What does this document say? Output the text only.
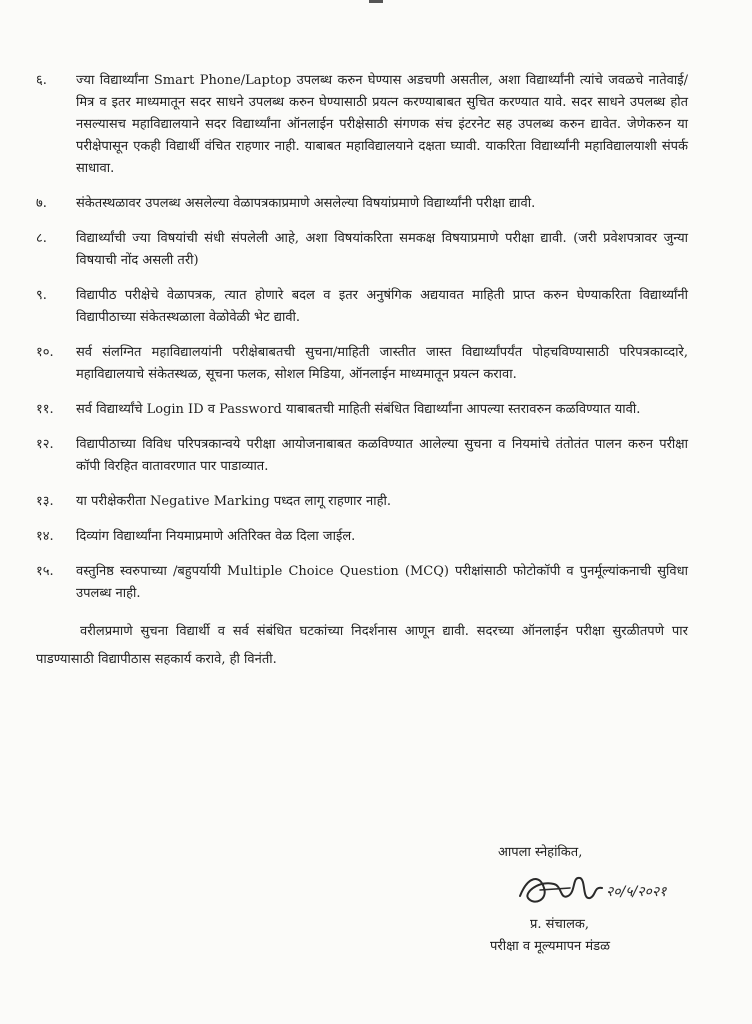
६.	ज्या विद्यार्थ्यांना Smart Phone/Laptop उपलब्ध करुन घेण्यास अडचणी असतील, अशा विद्यार्थ्यांनी त्यांचे जवळचे नातेवाई/मित्र व इतर माध्यमातून सदर साधने उपलब्ध करुन घेण्यासाठी प्रयत्न करण्याबाबत सुचित करण्यात यावे. सदर साधने उपलब्ध होत नसल्यासच महाविद्यालयाने सदर विद्यार्थ्यांना ऑनलाईन परीक्षेसाठी संगणक संच इंटरनेट सह उपलब्ध करुन द्यावेत. जेणेकरुन या परीक्षेपासून एकही विद्यार्थी वंचित राहणार नाही. याबाबत महाविद्यालयाने दक्षता घ्यावी. याकरिता विद्यार्थ्यांनी महाविद्यालयाशी संपर्क साधावा.
७.	संकेतस्थळावर उपलब्ध असलेल्या वेळापत्रकाप्रमाणे असलेल्या विषयांप्रमाणे विद्यार्थ्यांनी परीक्षा द्यावी.
८.	विद्यार्थ्यांची ज्या विषयांची संधी संपलेली आहे, अशा विषयांकरिता समकक्ष विषयाप्रमाणे परीक्षा द्यावी. (जरी प्रवेशपत्रावर जुन्या विषयाची नोंद असली तरी)
९.	विद्यापीठ परीक्षेचे वेळापत्रक, त्यात होणारे बदल व इतर अनुषंगिक अद्ययावत माहिती प्राप्त करुन घेण्याकरिता विद्यार्थ्यांनी विद्यापीठाच्या संकेतस्थळाला वेळोवेळी भेट द्यावी.
१०.	सर्व संलग्नित महाविद्यालयांनी परीक्षेबाबतची सुचना/माहिती जास्तीत जास्त विद्यार्थ्यांपर्यंत पोहचविण्यासाठी परिपत्रकाव्दारे, महाविद्यालयाचे संकेतस्थळ, सूचना फलक, सोशल मिडिया, ऑनलाईन माध्यमातून प्रयत्न करावा.
११.	सर्व विद्यार्थ्यांचे Login ID व Password याबाबतची माहिती संबंधित विद्यार्थ्यांना आपल्या स्तरावरुन कळविण्यात यावी.
१२.	विद्यापीठाच्या विविध परिपत्रकान्वये परीक्षा आयोजनाबाबत कळविण्यात आलेल्या सुचना व नियमांचे तंतोतंत पालन करुन परीक्षा कॉपी विरहित वातावरणात पार पाडाव्यात.
१३.	या परीक्षेकरीता Negative Marking पध्दत लागू राहणार नाही.
१४.	दिव्यांग विद्यार्थ्यांना नियमाप्रमाणे अतिरिक्त वेळ दिला जाईल.
१५.	वस्तुनिष्ठ स्वरुपाच्या /बहुपर्यायी Multiple Choice Question (MCQ) परीक्षांसाठी फोटोकॉपी व पुनर्मूल्यांकनाची सुविधा उपलब्ध नाही.

वरीलप्रमाणे सुचना विद्यार्थी व सर्व संबंधित घटकांच्या निदर्शनास आणून द्यावी. सदरच्या ऑनलाईन परीक्षा सुरळीतपणे पार पाडण्यासाठी विद्यापीठास सहकार्य करावे, ही विनंती.

आपला स्नेहांकित,
२०/५/२०२१
प्र. संचालक,
परीक्षा व मूल्यमापन मंडळ
